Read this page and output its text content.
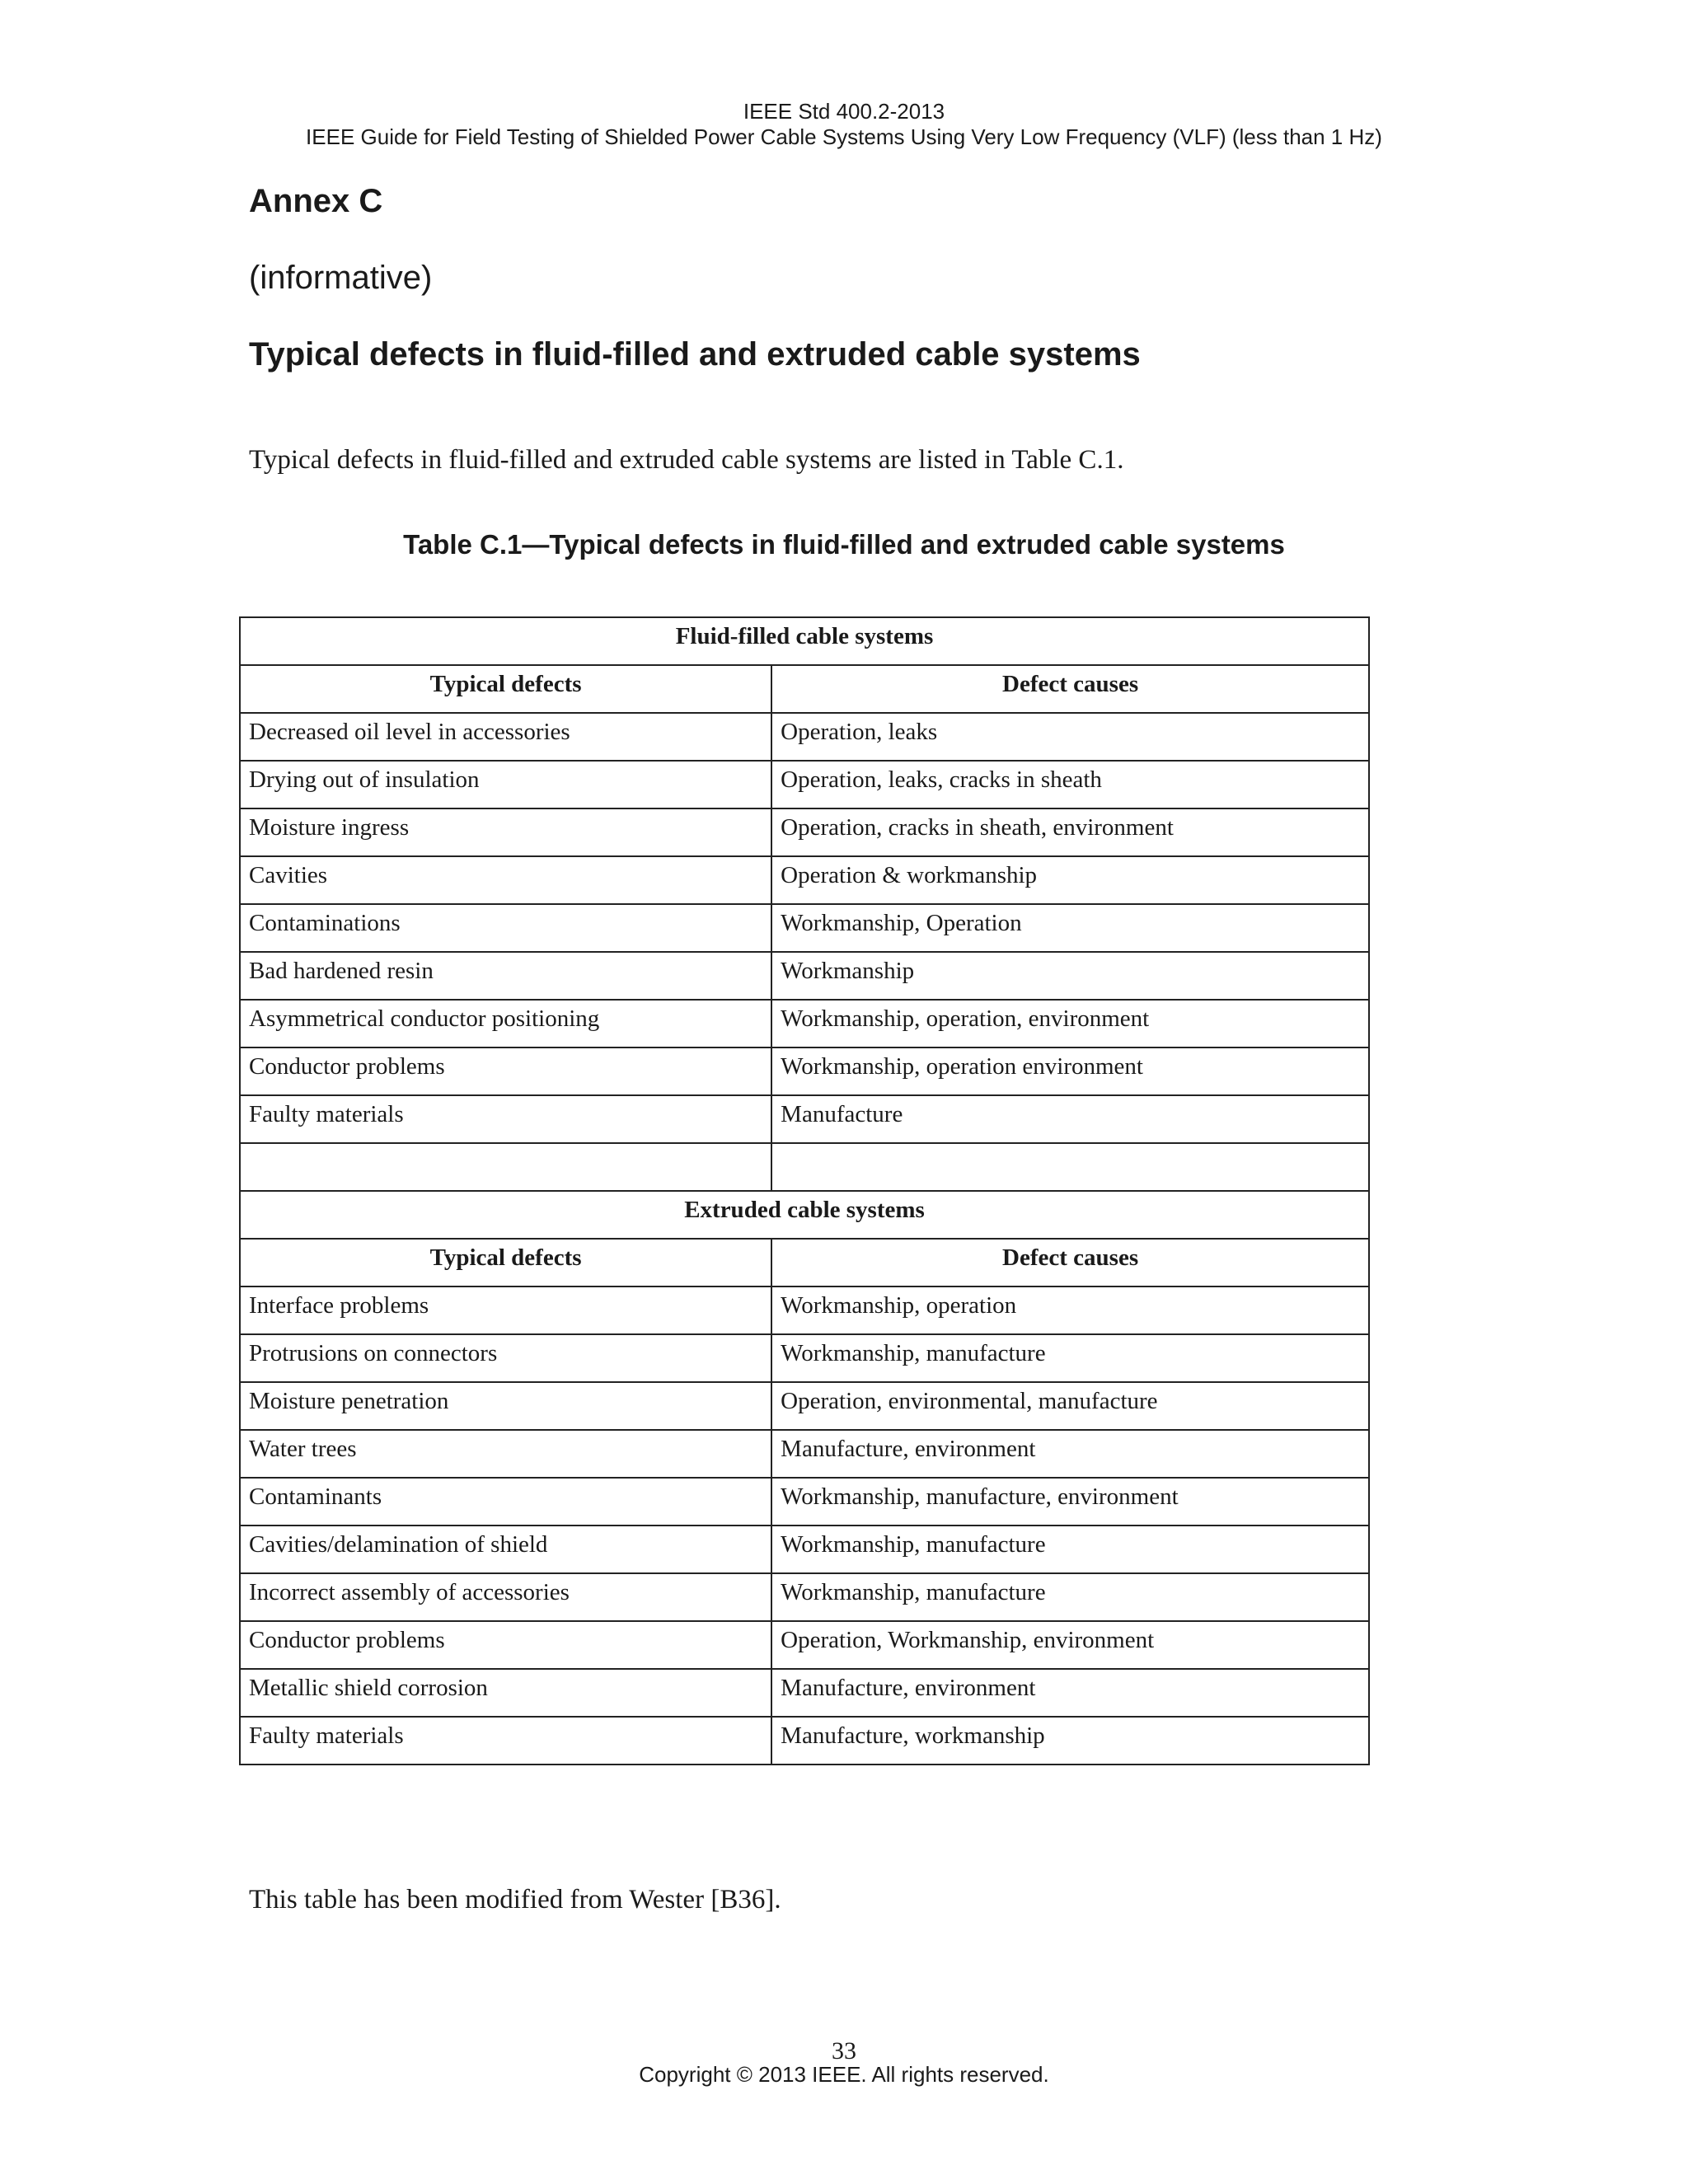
IEEE Std 400.2-2013
IEEE Guide for Field Testing of Shielded Power Cable Systems Using Very Low Frequency (VLF) (less than 1 Hz)
Annex C

(informative)

Typical defects in fluid-filled and extruded cable systems

Typical defects in fluid-filled and extruded cable systems are listed in Table C.1.

Table C.1—Typical defects in fluid-filled and extruded cable systems

Fluid-filled cable systems	
Typical defects	Defect causes
Decreased oil level in accessories	Operation, leaks
Drying out of insulation	Operation, leaks, cracks in sheath
Moisture ingress	Operation, cracks in sheath, environment
Cavities	Operation & workmanship
Contaminations	Workmanship, Operation
Bad hardened resin	Workmanship
Asymmetrical conductor positioning	Workmanship, operation, environment
Conductor problems	Workmanship, operation environment
Faulty materials	Manufacture

Extruded cable systems	
Typical defects	Defect causes
Interface problems	Workmanship, operation
Protrusions on connectors	Workmanship, manufacture
Moisture penetration	Operation, environmental, manufacture
Water trees	Manufacture, environment
Contaminants	Workmanship, manufacture, environment
Cavities/delamination of shield	Workmanship, manufacture
Incorrect assembly of accessories	Workmanship, manufacture
Conductor problems	Operation, Workmanship, environment
Metallic shield corrosion	Manufacture, environment
Faulty materials	Manufacture, workmanship

This table has been modified from Wester [B36].

33

Copyright © 2013 IEEE. All rights reserved.
